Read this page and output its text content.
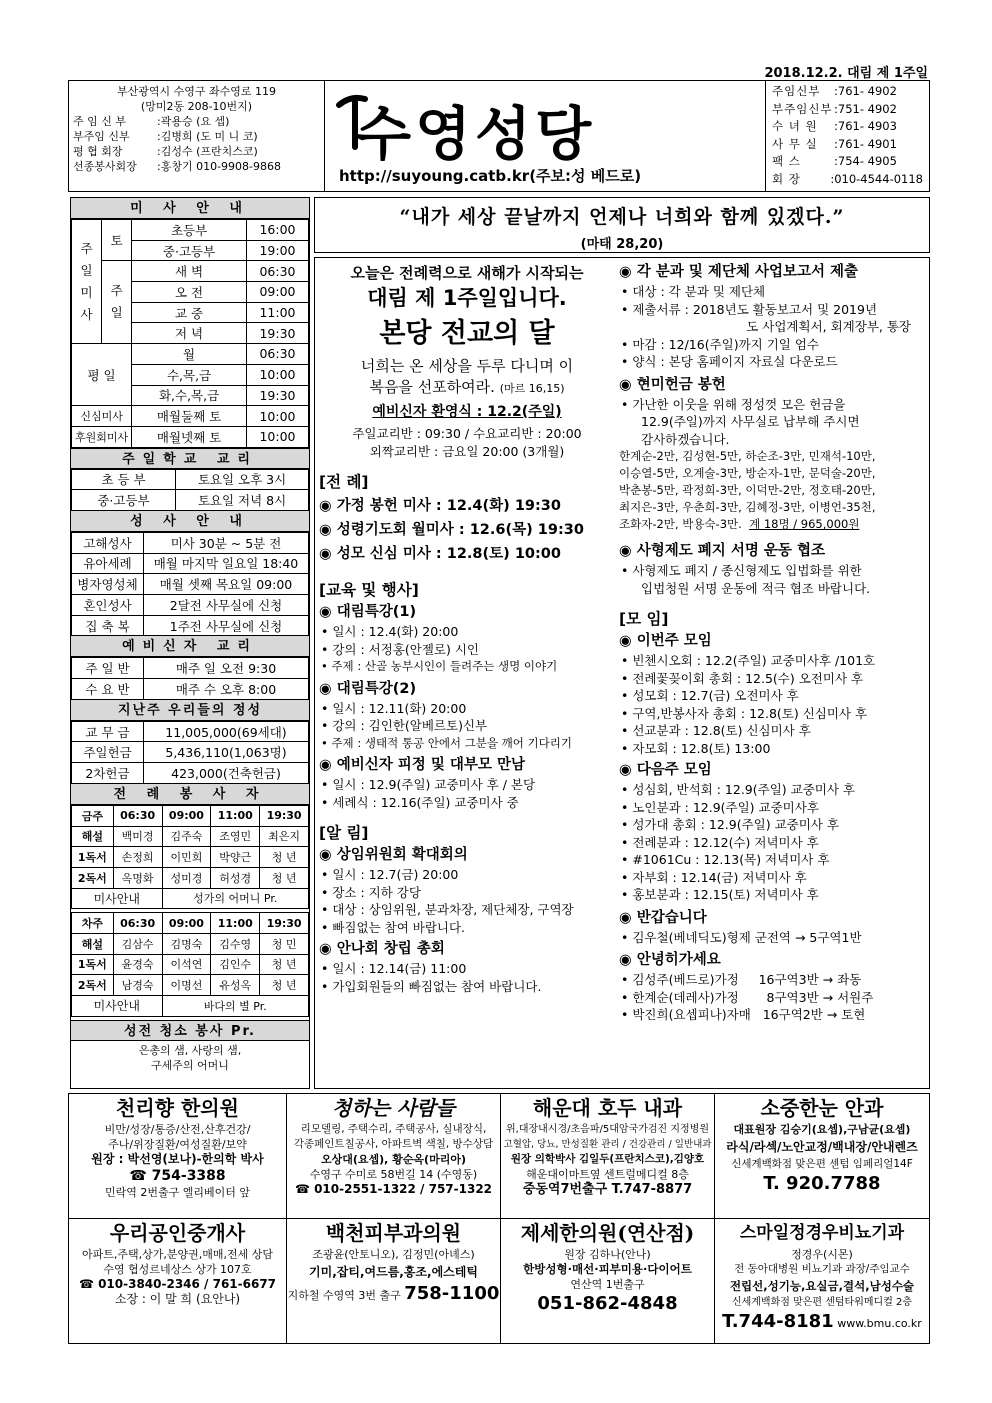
2018.12.2. 대림 제 1주일
부산광역시 수영구 좌수영로 119
(망미2동 208-10번지)
주 임 신 부	: 곽용승 (요 셉)
부주임 신부	: 김병희 (도 미 니 코)
평 협 회장	: 김성수 (프란치스코)
선종봉사회장	: 홍창기 010-9908-9868 수영성당
http://suyoung.catb.kr(주보:성 베드로)
주임신부	: 761- 4902
부주임신부 : 751- 4902
수 녀 원	: 761- 4903
사 무 실	: 761- 4901
팩 스	: 754- 4905
회 장	: 010-4544-0118
미 사 안 내
주일미사	토	초등부	16:00
		중·고등부	19:00
	주일	새 벽	06:30
		오 전	09:00
		교 중	11:00
		저 녁	19:30
평 일		월	06:30
		수,목,금	10:00
		화,수,목,금	19:30
신심미사		매월둘째 토	10:00
후원회미사		매월넷째 토	10:00
주일학교 교리
초 등 부	토요일 오후 3시
중·고등부	토요일 저녁 8시
성 사 안 내
고해성사	미사 30분 ~ 5분 전
유아세례	매월 마지막 일요일 18:40
병자영성체	매월 셋째 목요일 09:00
혼인성사	2달전 사무실에 신청
집 축 복	1주전 사무실에 신청
예비신자 교리
주 일 반	매주 일 오전 9:30
수 요 반	매주 수 오후 8:00
지난주 우리들의 정성
교 무 금	11,005,000(69세대)
주일헌금	5,436,110(1,063명)
2차헌금	423,000(건축헌금)
전 례 봉 사 자
금주	06:30	09:00	11:00	19:30
해설	백미경	김주숙	조영민	최은지
1독서	손정희	이민희	박양근	청 년
2독서	옥명화	성미경	허성경	청 년
미사안내		성가의 어머니 Pr.		
차주	06:30	09:00	11:00	19:30
해설	김삼수	김명숙	김수영	청 민
1독서	윤경숙	이석연	김인수	청 년
2독서	남경숙	이명선	유성옥	청 년
미사안내		바다의 별 Pr.		
성전 청소 봉사 Pr.
은총의 샘, 사랑의 샘,
구세주의 어머니
“내가 세상 끝날까지 언제나 너희와 함께 있겠다.”
(마태 28,20)
오늘은 전례력으로 새해가 시작되는
대림 제 1주일입니다.
본당 전교의 달
너희는 온 세상을 두루 다니며 이
복음을 선포하여라. (마르 16,15)
예비신자 환영식 : 12.2(주일)
주일교리반 : 09:30 / 수요교리반 : 20:00
외짝교리반 : 금요일 20:00 (3개월)
[전 례]
◉ 가정 봉헌 미사 : 12.4(화) 19:30
◉ 성령기도회 월미사 : 12.6(목) 19:30
◉ 성모 신심 미사 : 12.8(토) 10:00
[교육 및 행사]
◉ 대림특강(1)
• 일시 : 12.4(화) 20:00
• 강의 : 서정홍(안젤로) 시인
• 주제 : 산골 농부시인이 들려주는 생명 이야기
◉ 대림특강(2)
• 일시 : 12.11(화) 20:00
• 강의 : 김인한(알베르토)신부
• 주제 : 생태적 통공 안에서 그분을 깨어 기다리기
◉ 예비신자 피정 및 대부모 만남
• 일시 : 12.9(주일) 교중미사 후 / 본당
• 세례식 : 12.16(주일) 교중미사 중
[알 림]
◉ 상임위원회 확대회의
• 일시 : 12.7(금) 20:00
• 장소 : 지하 강당
• 대상 : 상임위원, 분과차장, 제단체장, 구역장
• 빠짐없는 참여 바랍니다.
◉ 안나회 창립 총회
• 일시 : 12.14(금) 11:00
• 가입회원들의 빠짐없는 참여 바랍니다.
◉ 각 분과 및 제단체 사업보고서 제출
• 대상 : 각 분과 및 제단체
• 제출서류 : 2018년도 활동보고서 및 2019년
도 사업계획서, 회계장부, 통장
• 마감 : 12/16(주일)까지 기일 엄수
• 양식 : 본당 홈페이지 자료실 다운로드
◉ 현미헌금 봉헌
• 가난한 이웃을 위해 정성껏 모은 헌금을
12.9(주일)까지 사무실로 납부해 주시면
감사하겠습니다.
한계순-2만, 김성현-5만, 하순조-3만, 민재석-10만,
이승열-5만, 오계술-3만, 방순자-1만, 문덕술-20만,
박춘봉-5만, 곽정희-3만, 이덕만-2만, 정호태-20만,
최지은-3만, 우춘희-3만, 김혜정-3만, 이병언-35천,
조화자-2만, 박용숙-3만. 계 18명 / 965,000원
◉ 사형제도 폐지 서명 운동 협조
• 사형제도 폐지 / 종신형제도 입법화를 위한
입법청원 서명 운동에 적극 협조 바랍니다.
[모 임]
◉ 이번주 모임
• 빈첸시오회 : 12.2(주일) 교중미사후 /101호
• 전례꽃꽂이회 총회 : 12.5(수) 오전미사 후
• 성모회 : 12.7(금) 오전미사 후
• 구역,반봉사자 총회 : 12.8(토) 신심미사 후
• 선교분과 : 12.8(토) 신심미사 후
• 자모회 : 12.8(토) 13:00
◉ 다음주 모임
• 성심회, 반석회 : 12.9(주일) 교중미사 후
• 노인분과 : 12.9(주일) 교중미사후
• 성가대 총회 : 12.9(주일) 교중미사 후
• 전례분과 : 12.12(수) 저녁미사 후
• #1061Cu : 12.13(목) 저녁미사 후
• 자부회 : 12.14(금) 저녁미사 후
• 홍보분과 : 12.15(토) 저녁미사 후
◉ 반갑습니다
• 김우철(베네딕도)형제 군전역 → 5구역1반
◉ 안녕히가세요
• 김성주(베드로)가정     16구역3반 → 좌동
• 한계순(데레사)가정       8구역3반 → 서원주
• 박진희(요셉피나)자매   16구역2반 → 토현
천리향 한의원
비만/성장/통증/산전,산후건강/
주나/위장질환/여성질환/보약
원장 : 박선영(보나)-한의학 박사
☎ 754-3388
민락역 2번출구 엘리베이터 앞
청하는 사람들
리모델링, 주택수리, 주택공사, 실내장식,
각종페인트칠공사, 아파트벽 색칠, 방수상담
오상대(요셉), 황순옥(마리아)
수영구 수미로 58번길 14 (수영동)
☎ 010-2551-1322 / 757-1322
해운대 호두 내과
위,대장내시경/초음파/5대암국가검진 지정병원
고혈압, 당뇨, 만성질환 관리 / 건강관리 / 일반내과
원장 의학박사 김일두(프란치스코),김양호
해운대이마트옆 센트럴메디컬 8층
중동역7번출구 T.747-8877
소중한눈 안과
대표원장 김승기(요셉),구남균(요셉)
라식/라섹/노안교정/백내장/안내렌즈
신세계백화점 맞은편 센텀 임페리얼14F
T. 920.7788
우리공인중개사
아파트,주택,상가,분양권,매매,전세 상담
수영 협성르네상스 상가 107호
☎ 010-3840-2346 / 761-6677
소장 : 이 말 희 (요안나)
백천피부과의원
조광윤(안토니오), 김정민(아녜스)
기미,잡티,여드름,홍조,에스테틱
지하철 수영역 3번 출구 758-1100
제세한의원(연산점)
원장 김하나(안나)
한방성형·매선·피부미용·다이어트
연산역 1번출구
051-862-4848
스마일정경우비뇨기과
정경우(시몬)
전 동아대병원 비뇨기과 과장/주임교수
전립선,성기능,요실금,결석,남성수술
신세계백화점 맞은편 센텀타워메디컬 2층
T.744-8181 www.bmu.co.kr
